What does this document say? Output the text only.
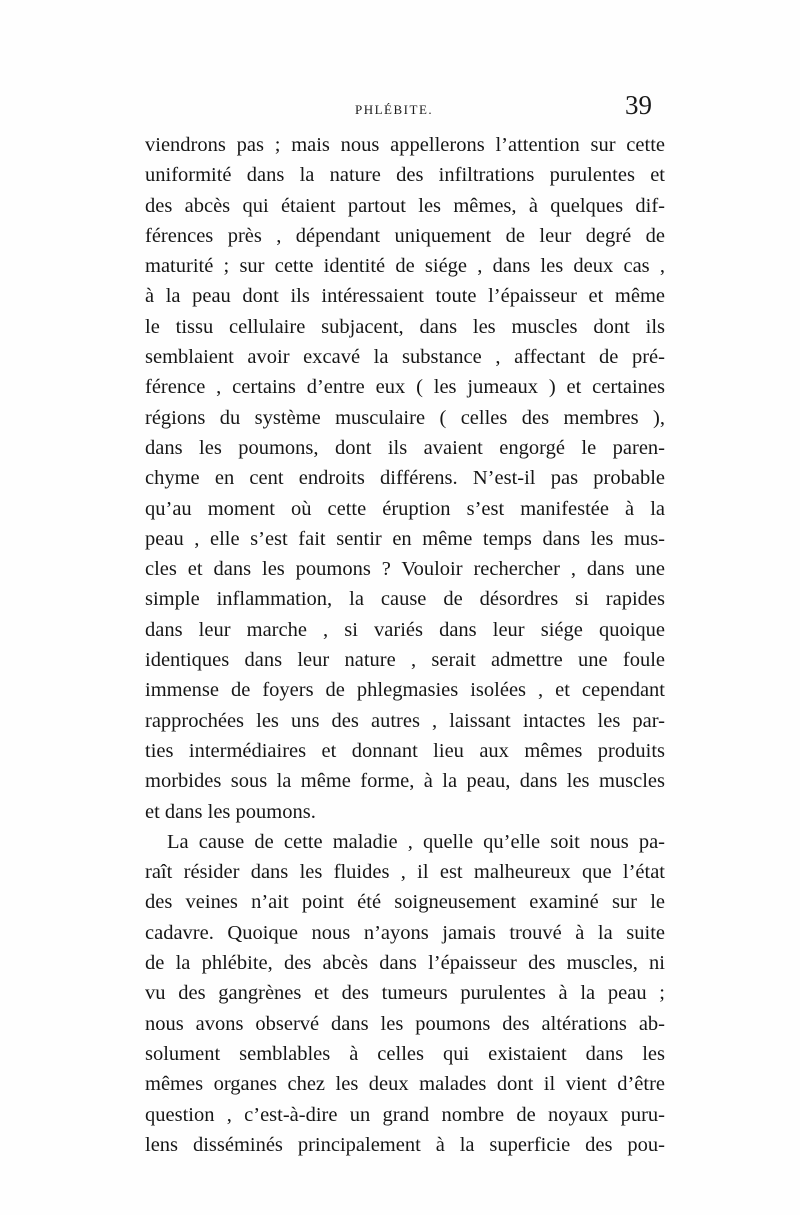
PHLÉBITE.	39
viendrons pas ; mais nous appellerons l’attention sur cette
uniformité dans la nature des infiltrations purulentes et
des abcès qui étaient partout les mêmes, à quelques dif-
férences près , dépendant uniquement de leur degré de
maturité ; sur cette identité de siége , dans les deux cas ,
à la peau dont ils intéressaient toute l’épaisseur et même
le tissu cellulaire subjacent, dans les muscles dont ils
semblaient avoir excavé la substance , affectant de pré-
férence , certains d’entre eux ( les jumeaux ) et certaines
régions du système musculaire ( celles des membres ),
dans les poumons, dont ils avaient engorgé le paren-
chyme en cent endroits différens. N’est-il pas probable
qu’au moment où cette éruption s’est manifestée à la
peau , elle s’est fait sentir en même temps dans les mus-
cles et dans les poumons ? Vouloir rechercher , dans une
simple inflammation, la cause de désordres si rapides
dans leur marche , si variés dans leur siége quoique
identiques dans leur nature , serait admettre une foule
immense de foyers de phlegmasies isolées , et cependant
rapprochées les uns des autres , laissant intactes les par-
ties intermédiaires et donnant lieu aux mêmes produits
morbides sous la même forme, à la peau, dans les muscles
et dans les poumons.
La cause de cette maladie , quelle qu’elle soit nous pa-
raît résider dans les fluides , il est malheureux que l’état
des veines n’ait point été soigneusement examiné sur le
cadavre. Quoique nous n’ayons jamais trouvé à la suite
de la phlébite, des abcès dans l’épaisseur des muscles, ni
vu des gangrènes et des tumeurs purulentes à la peau ;
nous avons observé dans les poumons des altérations ab-
solument semblables à celles qui existaient dans les
mêmes organes chez les deux malades dont il vient d’être
question , c’est-à-dire un grand nombre de noyaux puru-
lens disséminés principalement à la superficie des pou-
